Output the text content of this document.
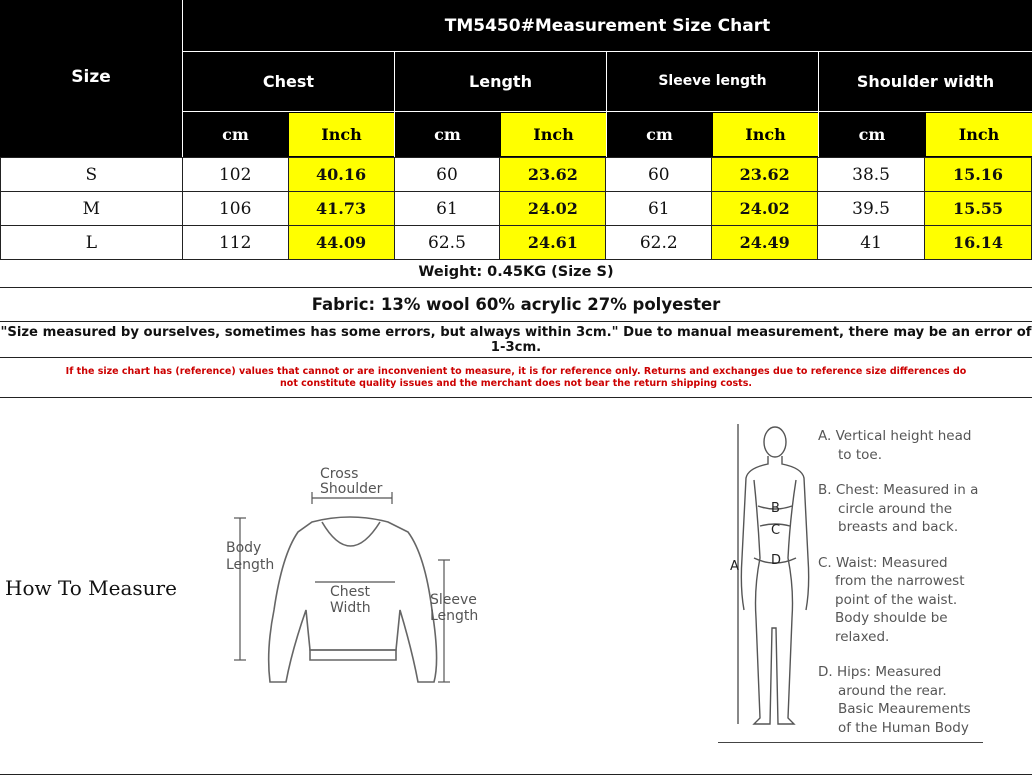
Size
TM5450#Measurement Size Chart
Chest	Length	Sleeve length	Shoulder width
cm	Inch	cm	Inch	cm	Inch	cm	Inch
S	102	40.16	60	23.62	60	23.62	38.5	15.16
M	106	41.73	61	24.02	61	24.02	39.5	15.55
L	112	44.09	62.5	24.61	62.2	24.49	41	16.14
Weight: 0.45KG (Size S)
Fabric: 13% wool 60% acrylic 27% polyester
"Size measured by ourselves, sometimes has some errors, but always within 3cm." Due to manual measurement, there may be an error of 1-3cm.
If the size chart has (reference) values that cannot or are inconvenient to measure, it is for reference only. Returns and exchanges due to reference size differences do not constitute quality issues and the merchant does not bear the return shipping costs.
How To Measure
Cross
Shoulder
Body
Length
Chest
Width	Sleeve
Length
A
B
C
D
A. Vertical height head
to toe.
B. Chest: Measured in a
circle around the
breasts and back.
C. Waist: Measured
from the narrowest
point of the waist.
Body shoulde be
relaxed.
D. Hips: Measured
around the rear.
Basic Meaurements
of the Human Body
